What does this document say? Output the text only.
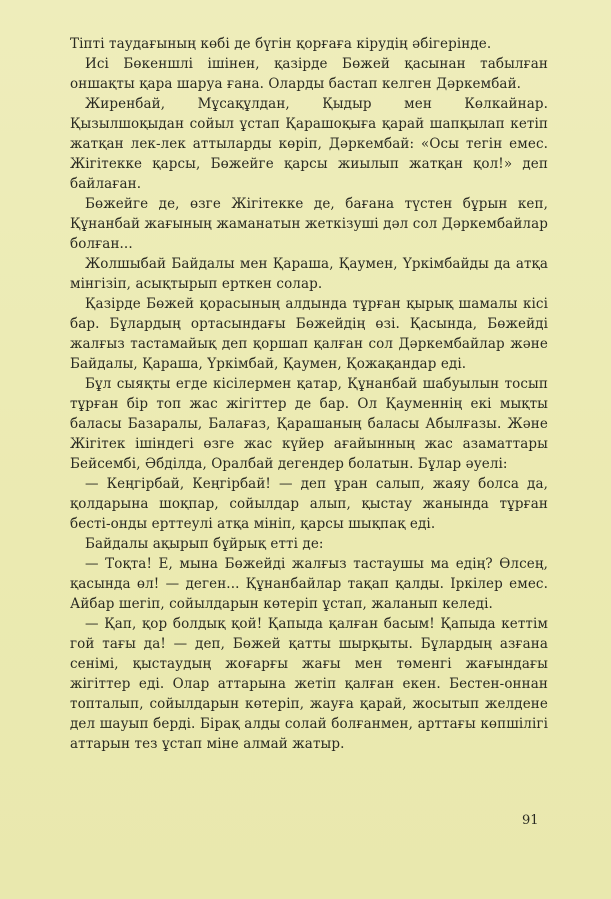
Тіпті таудағының көбі де бүгін қорғаға кірудің әбігерінде.

Исі Бөкеншлі ішінен, қазірде Бөжей қасынан табылған оншақты қара шаруа ғана. Оларды бастап келген Дәркембай.

Жиренбай, Мұсақұлдан, Қыдыр мен Көлкайнар. Қызылшоқыдан сойыл ұстап Қарашоқыға қарай шапқылап кетіп жатқан лек-лек аттыларды көріп, Дәркембай: «Осы тегін емес. Жігітекке қарсы, Бөжейге қарсы жиылып жатқан қол!» деп байлаған.

Бөжейге де, өзге Жігітекке де, бағана түстен бұрын кеп, Құнанбай жағының жаманатын жеткізуші дәл сол Дәркембайлар болған...

Жолшыбай Байдалы мен Қараша, Қаумен, Үркімбайды да атқа мінгізіп, асықтырып ерткен солар.

Қазірде Бөжей қорасының алдында тұрған қырық шамалы кісі бар. Бұлардың ортасындағы Бөжейдің өзі. Қасында, Бөжейді жалғыз тастамайық деп қоршап қалған сол Дәркембайлар және Байдалы, Қараша, Үркімбай, Қаумен, Қожақандар еді.

Бұл сыяқты егде кісілермен қатар, Құнанбай шабуылын тосып тұрған бір топ жас жігіттер де бар. Ол Қауменнің екі мықты баласы Базаралы, Балағаз, Қарашаның баласы Абылғазы. Және Жігітек ішіндегі өзге жас күйер ағайынның жас азаматтары Бейсембі, Әбділда, Оралбай дегендер болатын. Бұлар әуелі:

— Кеңгірбай, Кеңгірбай! — деп ұран салып, жаяу болса да, қолдарына шоқпар, сойылдар алып, қыстау жанында тұрған бесті-онды ерттеулі атқа мініп, қарсы шықпақ еді.

Байдалы ақырып бұйрық етті де:

— Тоқта! Е, мына Бөжейді жалғыз тастаушы ма едің? Өлсең, қасында өл! — деген... Құнанбайлар тақап қалды. Іркілер емес. Айбар шегіп, сойылдарын көтеріп ұстап, жаланып келеді.

— Қап, қор болдық қой! Қапыда қалған басым! Қапыда кеттім гой тағы да! — деп, Бөжей қатты шырқыты. Бұлардың азғана сенімі, қыстаудың жоғарғы жағы мен төменгі жағындағы жігіттер еді. Олар аттарына жетіп қалған екен. Бестен-оннан топталып, сойылдарын көтеріп, жауға қарай, жосытып желдене дел шауып берді. Бірақ алды солай болғанмен, арттағы көпшілігі аттарын тез ұстап міне алмай жатыр.

91
